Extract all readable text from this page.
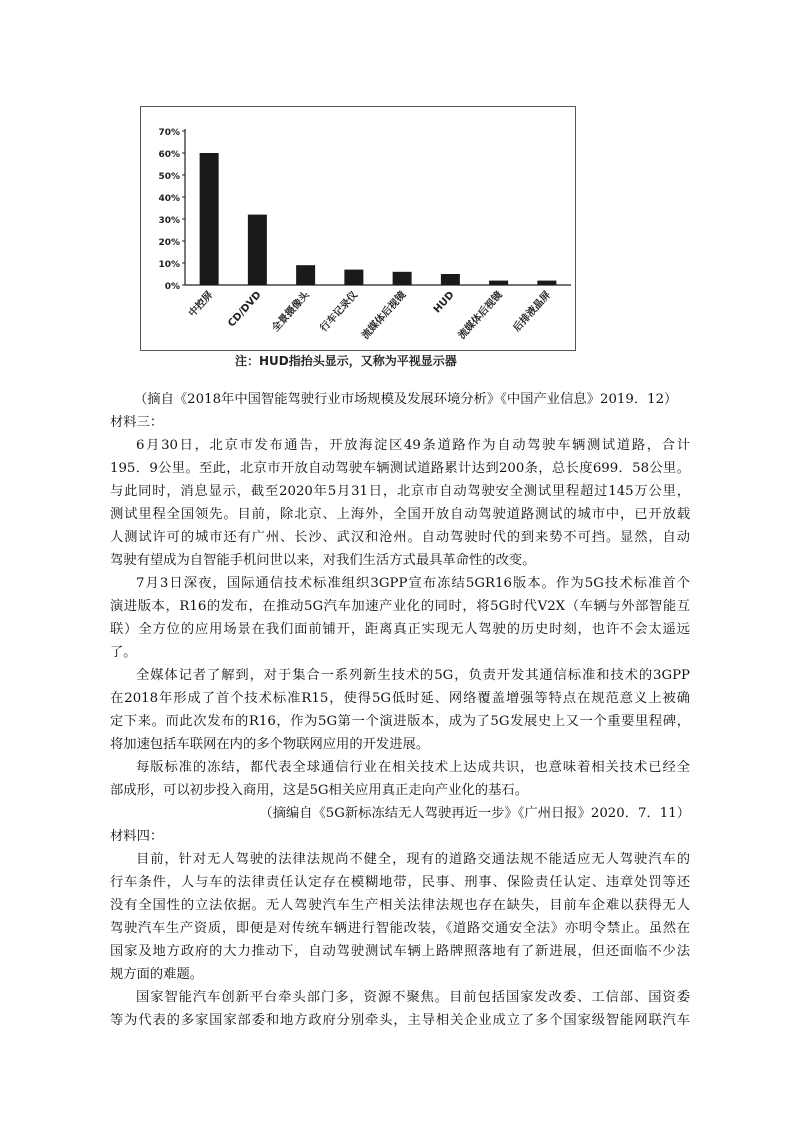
0%
10%
20%
30%
40%
50%
60%
70%
中控屏 CD/DVD 全景摄像头 行车记录仪 流媒体后视镜 HUD 流媒体后视镜 后排液晶屏
注：HUD指抬头显示，又称为平视显示器
（摘自《2018年中国智能驾驶行业市场规模及发展环境分析》《中国产业信息》2019．12）
材料三：
6月30日，北京市发布通告，开放海淀区49条道路作为自动驾驶车辆测试道路，合计
195．9公里。至此，北京市开放自动驾驶车辆测试道路累计达到200条，总长度699．58公里。
与此同时，消息显示，截至2020年5月31日，北京市自动驾驶安全测试里程超过145万公里，
测试里程全国领先。目前，除北京、上海外，全国开放自动驾驶道路测试的城市中，已开放载
人测试许可的城市还有广州、长沙、武汉和沧州。自动驾驶时代的到来势不可挡。显然，自动
驾驶有望成为自智能手机问世以来，对我们生活方式最具革命性的改变。
7月3日深夜，国际通信技术标准组织3GPP宣布冻结5GR16版本。作为5G技术标准首个
演进版本，R16的发布，在推动5G汽车加速产业化的同时，将5G时代V2X（车辆与外部智能互
联）全方位的应用场景在我们面前铺开，距离真正实现无人驾驶的历史时刻，也许不会太遥远
了。
全媒体记者了解到，对于集合一系列新生技术的5G，负责开发其通信标准和技术的3GPP
在2018年形成了首个技术标准R15，使得5G低时延、网络覆盖增强等特点在规范意义上被确
定下来。而此次发布的R16，作为5G第一个演进版本，成为了5G发展史上又一个重要里程碑，
将加速包括车联网在内的多个物联网应用的开发进展。
每版标准的冻结，都代表全球通信行业在相关技术上达成共识，也意味着相关技术已经全
部成形，可以初步投入商用，这是5G相关应用真正走向产业化的基石。
（摘编自《5G新标冻结无人驾驶再近一步》《广州日报》2020．7．11）
材料四：
目前，针对无人驾驶的法律法规尚不健全，现有的道路交通法规不能适应无人驾驶汽车的
行车条件，人与车的法律责任认定存在模糊地带，民事、刑事、保险责任认定、违章处罚等还
没有全国性的立法依据。无人驾驶汽车生产相关法律法规也存在缺失，目前车企难以获得无人
驾驶汽车生产资质，即便是对传统车辆进行智能改装，《道路交通安全法》亦明令禁止。虽然在
国家及地方政府的大力推动下，自动驾驶测试车辆上路牌照落地有了新进展，但还面临不少法
规方面的难题。
国家智能汽车创新平台牵头部门多，资源不聚焦。目前包括国家发改委、工信部、国资委
等为代表的多家国家部委和地方政府分别牵头，主导相关企业成立了多个国家级智能网联汽车
